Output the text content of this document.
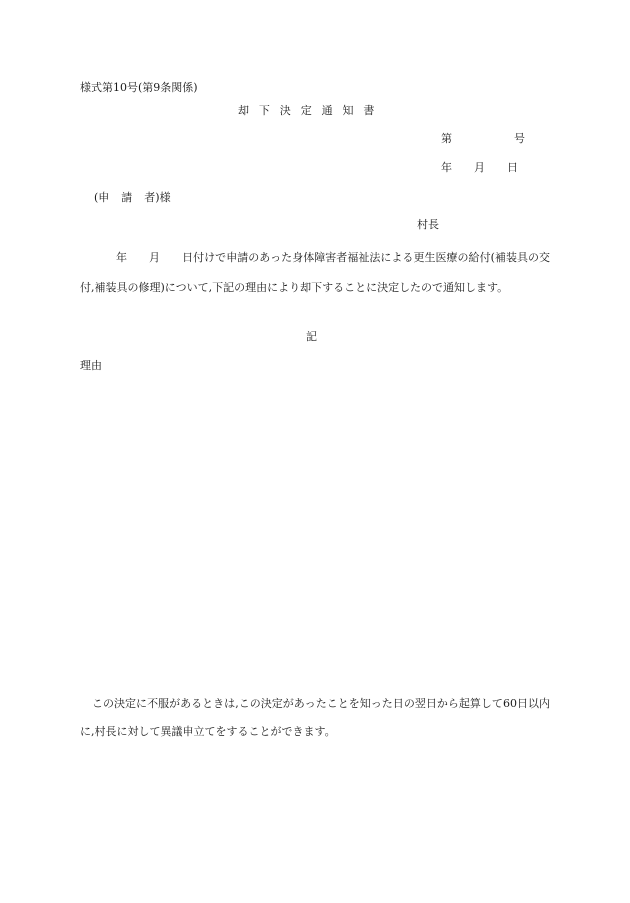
様式第10号(第9条関係)
却下決定通知書
第	号
年 月 日
(申 請 者)様
村長
年 月 日付けで申請のあった身体障害者福祉法による更生医療の給付(補装具の交付,補装具の修理)について,下記の理由により却下することに決定したので通知します。
記
理由
この決定に不服があるときは,この決定があったことを知った日の翌日から起算して60日以内に,村長に対して異議申立てをすることができます。
